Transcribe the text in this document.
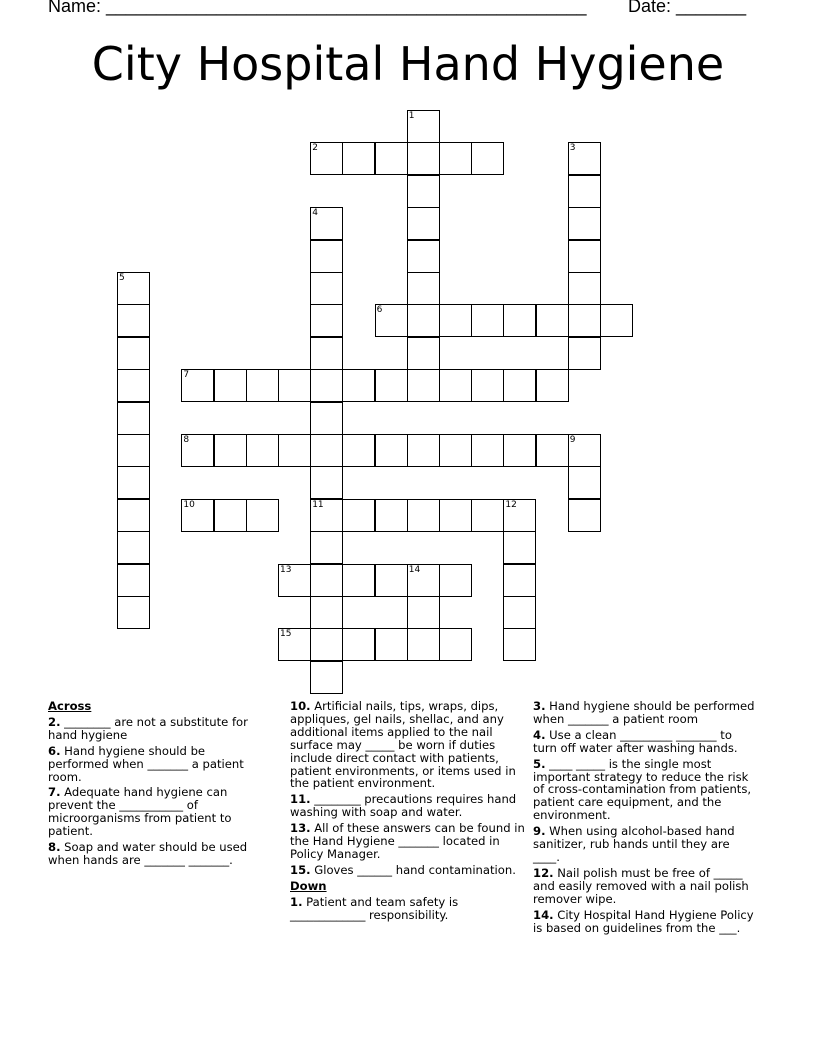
Name: ________________________________________________ Date: _______
City Hospital Hand Hygiene
1
2	3
4
11
5
6
7
8	9
10	12
13	14
15
Across
2. ________ are not a substitute for hand hygiene
6. Hand hygiene should be performed when _______ a patient room.
7. Adequate hand hygiene can prevent the ___________ of microorganisms from patient to patient.
8. Soap and water should be used when hands are _______ _______.
10. Artificial nails, tips, wraps, dips, appliques, gel nails, shellac, and any additional items applied to the nail surface may _____ be worn if duties include direct contact with patients, patient environments, or items used in the patient environment.
11. ________ precautions requires hand washing with soap and water.
13. All of these answers can be found in the Hand Hygiene _______ located in Policy Manager.
15. Gloves ______ hand contamination.
Down
1. Patient and team safety is _____________ responsibility.
3. Hand hygiene should be performed when _______ a patient room
4. Use a clean _________ _______ to turn off water after washing hands.
5. ____ _____ is the single most important strategy to reduce the risk of cross-contamination from patients, patient care equipment, and the environment.
9. When using alcohol-based hand sanitizer, rub hands until they are ____.
12. Nail polish must be free of _____ and easily removed with a nail polish remover wipe.
14. City Hospital Hand Hygiene Policy is based on guidelines from the ___.
